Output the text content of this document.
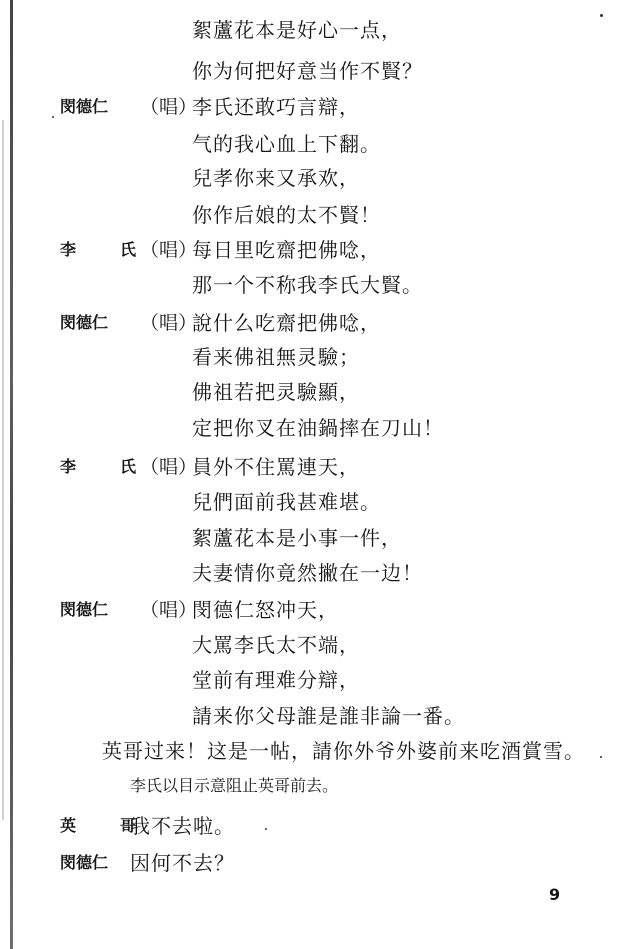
絮蘆花本是好心一点，
你为何把好意当作不賢？
閔德仁 （唱）
李氏还敢巧言辯，
气的我心血上下翻。
兒孝你来又承欢，
你作后娘的太不賢！
李　氏
（唱）
每日里吃齋把佛唸，
那一个不称我李氏大賢。
閔德仁 （唱）
說什么吃齋把佛唸，
看来佛祖無灵驗；
佛祖若把灵驗顯，
定把你叉在油鍋摔在刀山！
李　氏
（唱）
員外不住罵連天，
兒們面前我甚难堪。
絮蘆花本是小事一件，
夫妻情你竟然撇在一边！
閔德仁 （唱）
閔德仁怒冲天，
大罵李氏太不端，
堂前有理难分辯，
請来你父母誰是誰非論一番。
英哥过来！这是一帖，請你外爷外婆前来吃酒賞雪。
李氏以目示意阻止英哥前去。
英　哥
我不去啦。
閔德仁 因何不去？
9
